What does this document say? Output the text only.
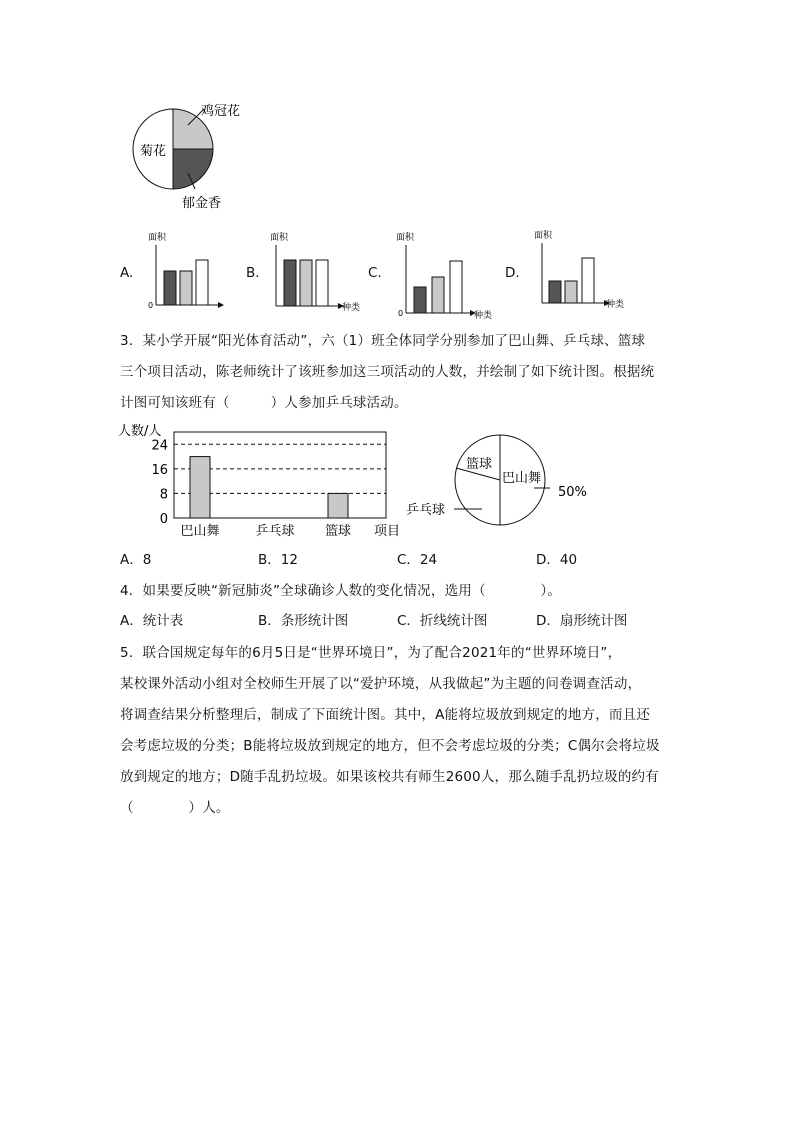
鸡冠花
菊花
郁金香
A.
面积
0
B.
面积
种类
C.
面积
0	种类
D.
面积
种类
3．某小学开展“阳光体育活动”，六（1）班全体同学分别参加了巴山舞、乒乓球、篮球
三个项目活动，陈老师统计了该班参加这三项活动的人数，并绘制了如下统计图。根据统
计图可知该班有（　　　）人参加乒乓球活动。
人数/人
0
8
16
24
巴山舞	乒乓球 篮球 项目
篮球
巴山舞
乒乓球
50%
A．8	B．12	C．24	D．40
4．如果要反映“新冠肺炎”全球确诊人数的变化情况，选用（　　　　）。
A．统计表	B．条形统计图	C．折线统计图	D．扇形统计图
5．联合国规定每年的6月5日是“世界环境日”，为了配合2021年的“世界环境日”，
某校课外活动小组对全校师生开展了以“爱护环境，从我做起”为主题的问卷调查活动，
将调查结果分析整理后，制成了下面统计图。其中，A能将垃圾放到规定的地方，而且还
会考虑垃圾的分类；B能将垃圾放到规定的地方，但不会考虑垃圾的分类；C偶尔会将垃圾
放到规定的地方；D随手乱扔垃圾。如果该校共有师生2600人，那么随手乱扔垃圾的约有
（　　　　）人。
